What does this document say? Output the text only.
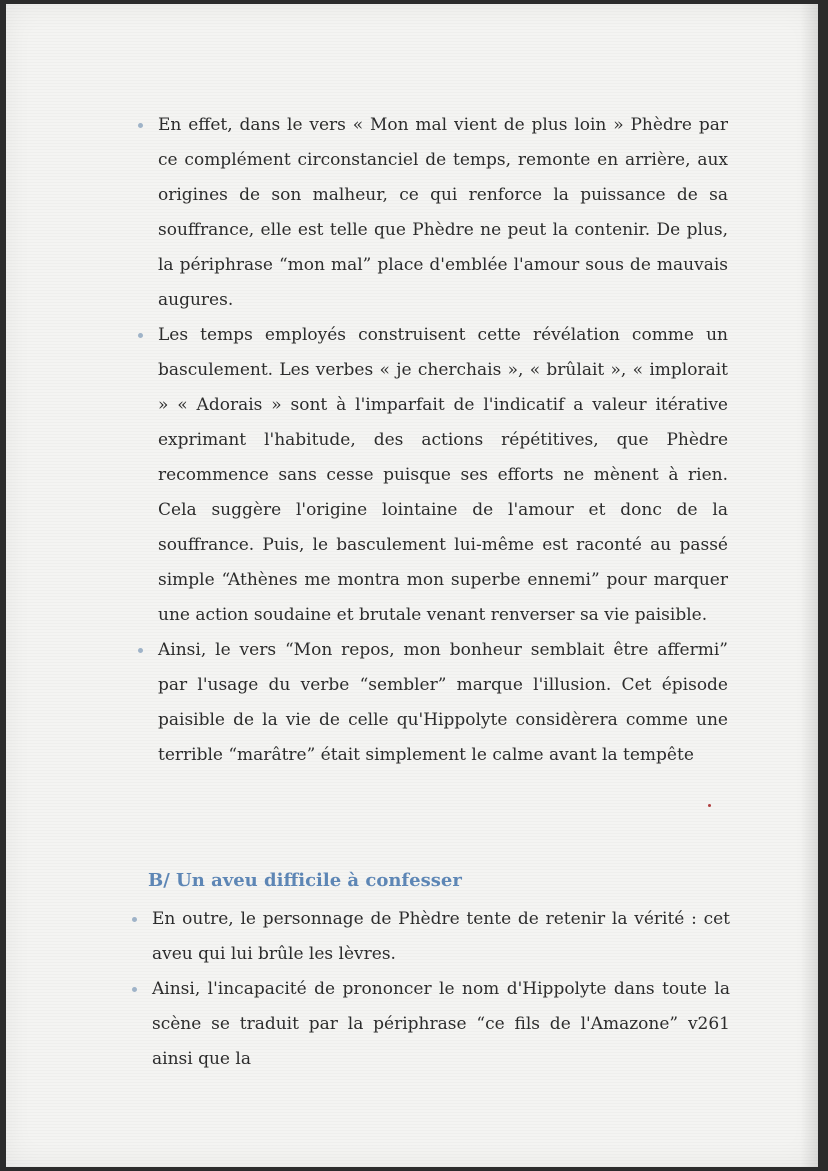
En effet, dans le vers « Mon mal vient de plus loin » Phèdre par ce complément circonstanciel de temps, remonte en arrière, aux origines de son malheur, ce qui renforce la puissance de sa souffrance, elle est telle que Phèdre ne peut la contenir. De plus, la périphrase “mon mal” place d'emblée l'amour sous de mauvais augures.

Les temps employés construisent cette révélation comme un basculement. Les verbes « je cherchais », « brûlait », « implorait » « Adorais » sont à l'imparfait de l'indicatif a valeur itérative exprimant l'habitude, des actions répétitives, que Phèdre recommence sans cesse puisque ses efforts ne mènent à rien. Cela suggère l'origine lointaine de l'amour et donc de la souffrance. Puis, le basculement lui-même est raconté au passé simple “Athènes me montra mon superbe ennemi” pour marquer une action soudaine et brutale venant renverser sa vie paisible.

Ainsi, le vers “Mon repos, mon bonheur semblait être affermi” par l'usage du verbe “sembler” marque l'illusion. Cet épisode paisible de la vie de celle qu'Hippolyte considèrera comme une terrible “marâtre” était simplement le calme avant la tempête

B/ Un aveu difficile à confesser

En outre, le personnage de Phèdre tente de retenir la vérité : cet aveu qui lui brûle les lèvres.

Ainsi, l'incapacité de prononcer le nom d'Hippolyte dans toute la scène se traduit par la périphrase “ce fils de l'Amazone” v261 ainsi que la
